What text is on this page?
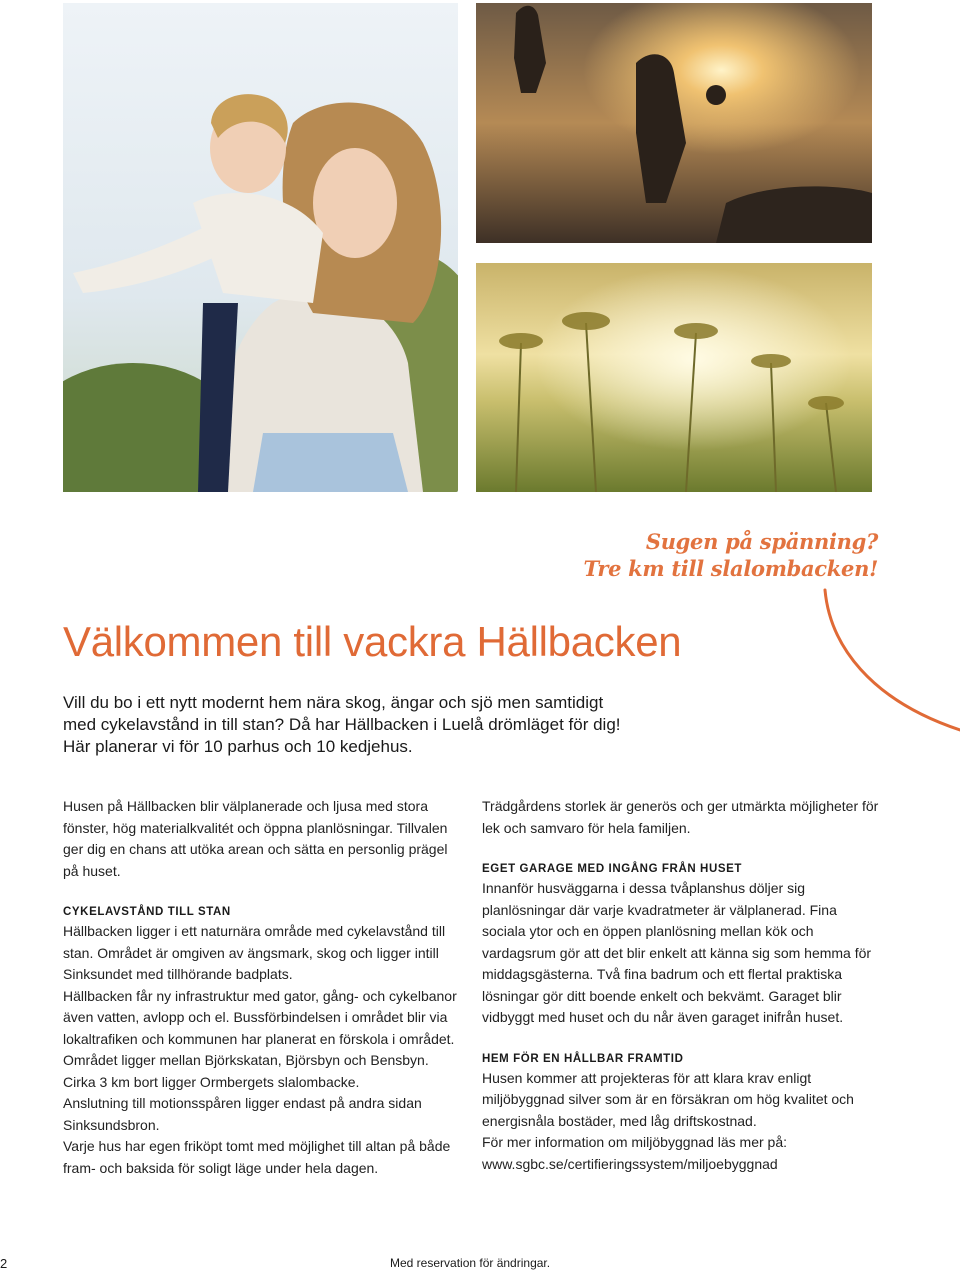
Sugen på spänning?
Tre km till slalombacken!
Välkommen till vackra Hällbacken

Vill du bo i ett nytt modernt hem nära skog, ängar och sjö men samtidigt
med cykelavstånd in till stan? Då har Hällbacken i Luelå drömläget för dig!
Här planerar vi för 10 parhus och 10 kedjehus.

Husen på Hällbacken blir välplanerade och ljusa med stora fönster, hög materialkvalitét och öppna planlösningar. Tillvalen ger dig en chans att utöka arean och sätta en personlig prägel på huset.

CYKELAVSTÅND TILL STAN

Hällbacken ligger i ett naturnära område med cykelavstånd till stan. Området är omgiven av ängsmark, skog och ligger intill Sinksundet med tillhörande badplats.

Hällbacken får ny infrastruktur med gator, gång- och cykelbanor även vatten, avlopp och el. Bussförbindelsen i området blir via lokaltrafiken och kommunen har planerat en förskola i området.

Området ligger mellan Björkskatan, Björsbyn och Bensbyn.

Cirka 3 km bort ligger Ormbergets slalombacke.

Anslutning till motionsspåren ligger endast på andra sidan Sinksundsbron.

Varje hus har egen friköpt tomt med möjlighet till altan på både fram- och baksida för soligt läge under hela dagen.

Trädgårdens storlek är generös och ger utmärkta möjligheter för lek och samvaro för hela familjen.

EGET GARAGE MED INGÅNG FRÅN HUSET

Innanför husväggarna i dessa tvåplanshus döljer sig planlösningar där varje kvadratmeter är välplanerad. Fina sociala ytor och en öppen planlösning mellan kök och vardagsrum gör att det blir enkelt att känna sig som hemma för middagsgästerna. Två fina badrum och ett flertal praktiska lösningar gör ditt boende enkelt och bekvämt. Garaget blir vidbyggt med huset och du når även garaget inifrån huset.

HEM FÖR EN HÅLLBAR FRAMTID

Husen kommer att projekteras för att klara krav enligt miljöbyggnad silver som är en försäkran om hög kvalitet och energisnåla bostäder, med låg driftskostnad.

För mer information om miljöbyggnad läs mer på:

www.sgbc.se/certifieringssystem/miljoebyggnad

2	Med reservation för ändringar.
